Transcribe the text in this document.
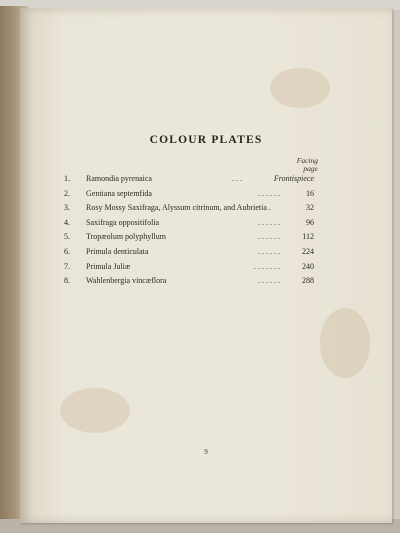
COLOUR PLATES
Facing
page
1.	Ramondia pyrenaica	. . .	Frontispiece
2.	Gentiana septemfida	. . . . . .	16
3.	Rosy Mossy Saxifraga, Alyssum citrinum, and Aubrietia .	32
4.	Saxifraga oppositifolia	. . . . . .	96
5.	Tropæolum polyphyllum	. . . . . .	112
6.	Primula denticulata	. . . . . .	224
7.	Primula Juliæ	. . . . . . .	240
8.	Wahlenbergia vincæflora	. . . . . .	288
9
